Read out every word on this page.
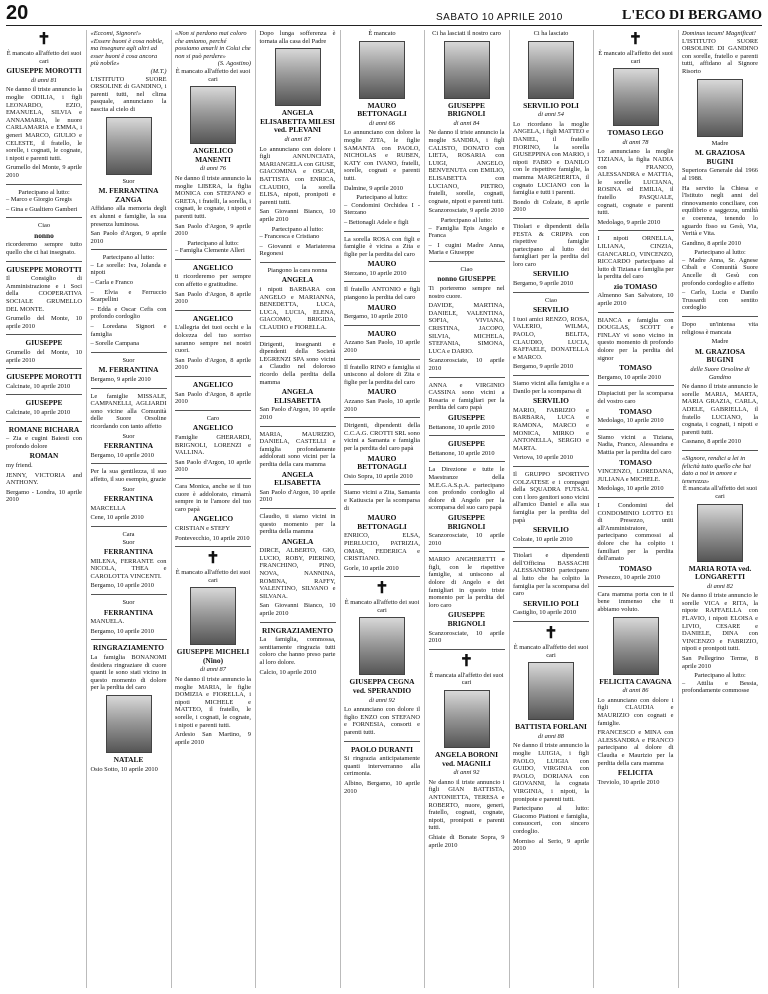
20	SABATO 10 APRILE 2010	L'ECO DI BERGAMO
✝
È mancato all'affetto dei suoi cari
GIUSEPPE MOROTTI
di anni 81

Ne danno il triste annuncio la moglie ODILIA, i figli LEONARDO, EZIO, EMANUELA, SILVIA e ANNAMARIA, le nuore CARLAMARIA e EMMA, i generi MARCO, GIULIO e CELESTE, il fratello, le sorelle, i cognati, le cognate, i nipoti e parenti tutti.

Grumello del Monte, 9 aprile 2010

Partecipano al lutto:

– Marco e Giorgio Gregis

– Gina e Gualtiero Gamberi

Ciao
nonno

ricorderemo sempre tutto quello che ci hai insegnato.

GIUSEPPE MOROTTI

Il Consiglio di Amministrazione e i Soci della COOPERATIVA SOCIALE GRUMELLO DEL MONTE.

Grumello del Monte, 10 aprile 2010

GIUSEPPE

Grumello del Monte, 10 aprile 2010

GIUSEPPE MOROTTI

Calcinate, 10 aprile 2010

GIUSEPPE

Calcinate, 10 aprile 2010

ROMANE BICHARA

– Zia e cugini Baiesti con profondo dolore

ROMAN

my friend.

JENNY, VICTORIA and ANTHONY.

Bergamo - Londra, 10 aprile 2010

«Eccomi, Signore!»
«Essere buoni è cosa nobile, ma insegnare agli altri ad esser buoni è cosa ancora più nobile»
(M.T.)

L'ISTITUTO SUORE ORSOLINE di GANDINO, i parenti tutti, nel clima pasquale, annunciano la nascita al cielo di

Suor
M. FERRANTINA ZANGA

Affidano alla memoria degli ex alunni e famiglie, la sua presenza luminosa.

San Paolo d'Argon, 9 aprile 2010

Partecipano al lutto:

– Le sorelle: Iva, Jolanda e nipoti

– Carla e Franco

– Elvia e Ferruccio Scarpellini

– Edda e Oscar Cefis con profondo cordoglio

– Loredana Signori e famiglia

– Sorelle Campana

Suor
M. FERRANTINA

Bergamo, 9 aprile 2010

Le famiglie MISSALE, CAMPANELLI, AGLIARDI sono vicine alla Comunità delle Suore Orsoline ricordando con tanto affetto

Suor
FERRANTINA

Bergamo, 10 aprile 2010

Per la sua gentilezza, il suo affetto, il suo esempio, grazie

Suor
FERRANTINA

MARCELLA

Cene, 10 aprile 2010

Cara
Suor
FERRANTINA

MILENA, FERRANTE con NICOLA, THEA e CAROLOTTA VINCENTI.

Bergamo, 10 aprile 2010

Suor
FERRANTINA

MANUELA.

Bergamo, 10 aprile 2010

RINGRAZIAMENTO

La famiglia BONANOMI desidera ringraziare di cuore quanti le sono stati vicino in questo momento di dolore per la perdita del caro

NATALE

Osio Sotto, 10 aprile 2010

«Non si perdono mai coloro che amiamo, perché possiamo amarli in Colui che non si può perdere»
(S. Agostino)
È mancato all'affetto dei suoi cari
ANGELICO MANENTI
di anni 76

Ne danno il triste annuncio la moglie LIBERA, la figlia MONICA con STEFANO e GRETA, i fratelli, la sorella, i cognati, le cognate, i nipoti e parenti tutti.

San Paolo d'Argon, 9 aprile 2010

Partecipano al lutto:

– Famiglia Clemente Alleri

ANGELICO

ti ricorderemo per sempre con affetto e gratitudine.

San Paolo d'Argon, 8 aprile 2010

ANGELICO

L'allegria dei tuoi occhi e la dolcezza del tuo sorriso saranno sempre nei nostri cuori.

San Paolo d'Argon, 8 aprile 2010

ANGELICO

San Paolo d'Argon, 8 aprile 2010

Caro
ANGELICO

Famiglie GHERARDI, BRIGNOLI, LORENZI e VALLINA.

San Paolo d'Argon, 10 aprile 2010

Cara Monica, anche se il tuo cuore è addolorato, rimarrà sempre in te l'amore del tuo caro papà

ANGELICO

CRISTIAN e STEFY

Pontevecchio, 10 aprile 2010

✝
È mancato all'affetto dei suoi cari
GIUSEPPE MICHELI (Nino)
di anni 87

Ne danno il triste annuncio la moglie MARIA, le figlie DOMIZIA e FIORELLA, i nipoti MICHELE e MATTEO, il fratello, le sorelle, i cognati, le cognate, i nipoti e parenti tutti.

Ardesio San Martino, 9 aprile 2010

Dopo lunga sofferenza è tornata alla casa del Padre

ANGELA ELISABETTA MILESI ved. PLEVANI
di anni 87

Lo annunciano con dolore i figli ANNUNCIATA, MARIANGELA con GIUSE, GIACOMINA e OSCAR, BATTISTA con ENRICA, CLAUDIO, la sorella ELISA, nipoti, pronipoti e parenti tutti.

San Giovanni Bianco, 10 aprile 2010

Partecipano al lutto:

– Francesca e Cristiano

– Giovanni e Mariateresa Regonesi

Piangono la cara nonna
ANGELA

i nipoti BARBARA con ANGELO e MARIANNA, BENEDETTA, LUCA, LUCA, LUCIA, ELENA, GIACOMO, BRIGIDA, CLAUDIO e FIORELLA.

Dirigenti, insegnanti e dipendenti della Società LEGRENZI SPA sono vicini a Claudio nel doloroso ricordo della perdita della mamma

ANGELA ELISABETTA

San Paolo d'Argon, 10 aprile 2010

MARIA, MAURIZIO, DANIELA, CASTELLI e famiglia profondamente addolorati sono vicini per la perdita della cara mamma

ANGELA ELISABETTA

San Paolo d'Argon, 10 aprile 2010

Claudio, ti siamo vicini in questo momento per la perdita della mamma

ANGELA

DIRCE, ALBERTO, GIO, LUCIO, ROBY, PIERINO, FRANCHINO, PINO, NOVA, NANNINA, ROMINA, RAFFY, VALENTINO, SILVANO e SILVANA.

San Giovanni Bianco, 10 aprile 2010

RINGRAZIAMENTO

La famiglia, commossa, sentitamente ringrazia tutti coloro che hanno preso parte al loro dolore.

Calcio, 10 aprile 2010

È mancato
MAURO BETTONAGLI
di anni 66

Lo annunciano con dolore la moglie ZITA, le figlie SAMANTA con PAOLO, NICHOLAS e RUBEN, KATY con IVANO, fratelli, sorelle, cognati e parenti tutti.

Dalmine, 9 aprile 2010

Partecipano al lutto:

– Condomini Orchidea I - Sterzano

– Bettonagli Adele e figli

La sorella ROSA con figli e famiglie è vicina a Zita e figlie per la perdita del caro

MAURO

Sterzano, 10 aprile 2010

Il fratello ANTONIO e figli piangono la perdita del caro

MAURO

Bergamo, 10 aprile 2010

MAURO

Azzano San Paolo, 10 aprile 2010

Il fratello RINO e famiglia si uniscono al dolore di Zita e figlie per la perdita del caro

MAURO

Azzano San Paolo, 10 aprile 2010

Dirigenti, dipendenti della C.C.A.G. CROTTI SRL sono vicini a Samanta e famiglia per la perdita del caro papà

MAURO BETTONAGLI

Osio Sopra, 10 aprile 2010

Siamo vicini a Zita, Samanta e Katiuscia per la scomparsa di

MAURO BETTONAGLI

ENRICO, ELSA, PIERLUCIO, PATRIZIA, OMAR, FEDERICA e CRISTIANO.

Gorle, 10 aprile 2010

✝
È mancato all'affetto dei suoi cari
GIUSEPPA CEGNA ved. SPERANDIO
di anni 92

Lo annunciano con dolore il figlio ENZO con STEFANO e FORNESIA, consorti e parenti tutti.

PAOLO DURANTI

Si ringrazia anticipatamente quanti interverranno alla cerimonia.

Albino, Bergamo, 10 aprile 2010

Ci ha lasciati il nostro caro
GIUSEPPE BRIGNOLI
di anni 84

Ne danno il triste annuncio la moglie SANDRA, i figli CALISTO, DONATO con LIETA, ROSARIA con LUIGI, ANGELO, BENVENUTA con EMILIO, ELISABETTA con LUCIANO, PIETRO, fratelli, sorelle, cognati, cognate, nipoti e parenti tutti.

Scanzorosciate, 9 aprile 2010

Partecipano al lutto:

– Famiglia Epis Angelo e Franca

– I cugini Madre Anna, Maria e Giuseppe

Ciao
nonno GIUSEPPE

Ti porteremo sempre nel nostro cuore.

DAVIDE, MARTINA, DANIELE, VALENTINA, SOFIA, VIVIANA, CRISTINA, JACOPO, SILVIA, MICHELA, STEFANIA, SIMONA, LUCA e DARIO.

Scanzorosciate, 10 aprile 2010

ANNA e VIRGINIO CASSINA sono vicini a Rosaria e famigliari per la perdita del caro papà

GIUSEPPE

Bettanone, 10 aprile 2010

GIUSEPPE

Bettanone, 10 aprile 2010

La Direzione e tutte le Maestranze della M.E.G.A.S.p.A. partecipano con profondo cordoglio al dolore di Angelo per la scomparsa del suo caro papà

GIUSEPPE BRIGNOLI

Scanzorosciate, 10 aprile 2010

MARIO ANGHERETTI e figli, con le rispettive famiglie, si uniscono al dolore di Angelo e dei famigliari in questo triste momento per la perdita del loro caro

GIUSEPPE BRIGNOLI

Scanzorosciate, 10 aprile 2010

✝
È mancata all'affetto dei suoi cari
ANGELA BORONI ved. MAGNILI
di anni 92

Ne danno il triste annuncio i figli GIAN BATTISTA, ANTONIETTA, TERESA e ROBERTO, nuore, generi, fratello, cognati, cognate, nipoti, pronipoti e parenti tutti.

Ghiaie di Bonate Sopra, 9 aprile 2010

Ci ha lasciato
SERVILIO POLI
di anni 54

Lo ricordano la moglie ANGELA, i figli MATTEO e DANIEL, il fratello FIORINO, la sorella GIUSEPPINA con MARIO, i nipoti FABIO e DANILO con le rispettive famiglie, la mamma MARGHERITA, il cognato LUCIANO con la famiglia e tutti i parenti.

Bondo di Colzate, 8 aprile 2010

Titolari e dipendenti della FESTA & CRIPPA con rispettive famiglie partecipano al lutto dei famigliari per la perdita del loro caro

SERVILIO

Bergamo, 9 aprile 2010

Ciao
SERVILIO

I tuoi amici RENZO, ROSA, VALERIO, WILMA, PAOLO, BELITA, CLAUDIO, LUCIA, RAFFAELE, DONATELLA e MARCO.

Bergamo, 9 aprile 2010

Siamo vicini alla famiglia e a Danilo per la scomparsa di

SERVILIO

MARIO, FABRIZIO e BARBARA, LUCA e RAMONA, MARCO e MONICA, MIRKO e ANTONELLA, SERGIO e MARTA.

Vertova, 10 aprile 2010

Il GRUPPO SPORTIVO COLZATESE e i compagni della SQUADRA FUTSAL con i loro genitori sono vicini all'amico Daniel e alla sua famiglia per la perdita del papà

SERVILIO

Colzate, 10 aprile 2010

Titolari e dipendenti dell'Officina BASSACHI ALESSANDRO partecipano al lutto che ha colpito la famiglia per la scomparsa del caro

SERVILIO POLI

Castiglio, 10 aprile 2010

✝
È mancato all'affetto dei suoi cari
BATTISTA FORLANI
di anni 88

Ne danno il triste annuncio la moglie LUIGIA, i figli PAOLO, LUIGIA con GUIDO, VIRGINIA con PAOLO, DORIANA con GIOVANNI, la cognata VIRGINIA, i nipoti, la pronipote e parenti tutti.

Partecipano al lutto: Giacomo Piattoni e famiglia, consuoceri, con sincero cordoglio.

Morniso al Serio, 9 aprile 2010

✝
È mancato all'affetto dei suoi cari
TOMASO LEGO
di anni 78

Lo annunciano la moglie TIZIANA, la figlia NADIA con FRANCO, ALESSANDRA e MATTIA, le sorelle LUCIANA, ROSINA ed EMILIA, il fratello PASQUALE, cognati, cognate e parenti tutti.

Medolago, 9 aprile 2010

I nipoti ORNELLA, LILIANA, CINZIA, GIANCARLO, VINCENZO, RICCARDO partecipano al lutto di Tiziana e famiglia per la perdita del caro

zio TOMASO

Almenno San Salvatore, 10 aprile 2010

BIANCA e famiglia con DOUGLAS, SCOTT e FINLAY vi sono vicino in questo momento di profondo dolore per la perdita del signor

TOMASO

Bergamo, 10 aprile 2010

Dispiaciuti per la scomparsa del vostro caro

TOMASO

Medolago, 10 aprile 2010

Siamo vicini a Tiziana, Nadia, Franco, Alessandra e Mattia per la perdita del caro

TOMASO

VINCENZO, LOREDANA, JULIANA e MICHELE.

Medolago, 10 aprile 2010

I Condomini del CONDOMINIO LOTTO E1 di Presezzo, uniti all'Amministratore, partecipano commossi al dolore che ha colpito i familiari per la perdita dell'amato

TOMASO

Presezzo, 10 aprile 2010

Cara mamma porta con te il bene immenso che ti abbiamo voluto.

FELICITA CAVAGNA
di anni 86

Lo annunciano con dolore i figli CLAUDIA e MAURIZIO con cognati e famiglie.

FRANCESCO e MINA con ALESSANDRA e FRANCO partecipano al dolore di Claudia e Maurizio per la perdita della cara mamma

FELICITA

Treviolo, 10 aprile 2010

Dominus tecum! Magnificat!

L'ISTITUTO SUORE ORSOLINE DI GANDINO con sorelle, fratello e parenti tutti, affidano al Signore Risorto

Madre
M. GRAZIOSA BUGINI

Superiora Generale dal 1966 al 1988.

Ha servito la Chiesa e l'Istituto negli anni del rinnovamento conciliare, con equilibrio e saggezza, umiltà e coerenza, tenendo lo sguardo fisso su Gesù, Via, Verità e Vita.

Gandino, 8 aprile 2010

Partecipano al lutto:

– Madre Anna, Sr. Agnese Cibali e Comunità Suore Ancelle di Gesù con profondo cordoglio e affetto

– Carlo, Lucia e Danilo Trussardi con sentito cordoglio

Dopo un'intensa vita religiosa è mancata

Madre
M. GRAZIOSA BUGINI
delle Suore Orsoline di Gandino

Ne danno il triste annuncio le sorelle MARIA, MARTA, MARIA GRAZIA, CARLA, ADELE, GABRIELLA, il fratello LUCIANO, la cognata, i cognati, i nipoti e parenti tutti.

Casnano, 8 aprile 2010

«Signore, rendici a lei in felicità tutto quello che hai dato a noi in amore e tenerezza»
È mancata all'affetto dei suoi cari
MARIA ROTA ved. LONGARETTI
di anni 82

Ne danno il triste annuncio le sorelle VICA e RITA, la nipote RAFFAELLA con FLAVIO, i nipoti ELOISA e LIVIO, CESARE e DANIELE, DINA con VINCENZO e FABRIZIO, nipoti e pronipoti tutti.

San Pellegrino Terme, 8 aprile 2010

Partecipano al lutto:

– Attilia e Bessia, profondamente commosse
